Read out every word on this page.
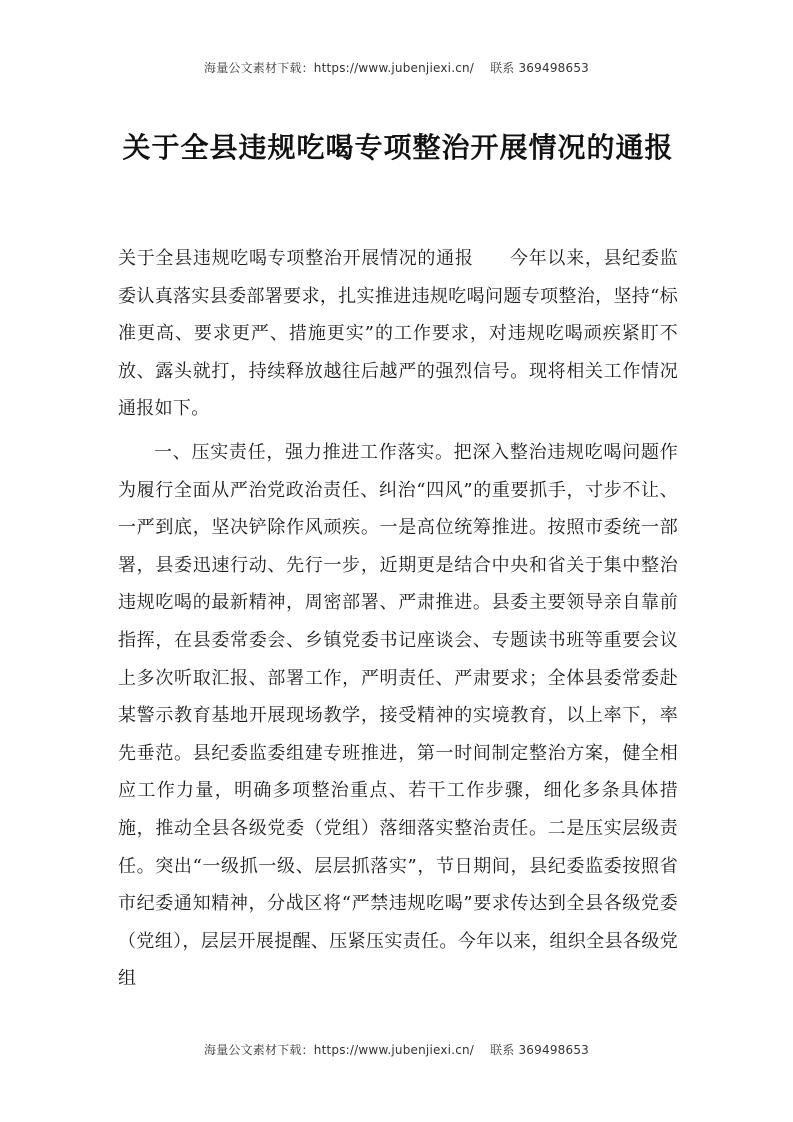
海量公文素材下载：https://www.jubenjiexi.cn/ 联系 369498653
关于全县违规吃喝专项整治开展情况的通报

关于全县违规吃喝专项整治开展情况的通报 今年以来，县纪委监委认真落实县委部署要求，扎实推进违规吃喝问题专项整治，坚持“标准更高、要求更严、措施更实”的工作要求，对违规吃喝顽疾紧盯不放、露头就打，持续释放越往后越严的强烈信号。现将相关工作情况通报如下。

一、压实责任，强力推进工作落实。把深入整治违规吃喝问题作为履行全面从严治党政治责任、纠治“四风”的重要抓手，寸步不让、一严到底，坚决铲除作风顽疾。一是高位统筹推进。按照市委统一部署，县委迅速行动、先行一步，近期更是结合中央和省关于集中整治违规吃喝的最新精神，周密部署、严肃推进。县委主要领导亲自靠前指挥，在县委常委会、乡镇党委书记座谈会、专题读书班等重要会议上多次听取汇报、部署工作，严明责任、严肃要求；全体县委常委赴某警示教育基地开展现场教学，接受精神的实境教育，以上率下，率先垂范。县纪委监委组建专班推进，第一时间制定整治方案，健全相应工作力量，明确多项整治重点、若干工作步骤，细化多条具体措施，推动全县各级党委（党组）落细落实整治责任。二是压实层级责任。突出“一级抓一级、层层抓落实”，节日期间，县纪委监委按照省市纪委通知精神，分战区将“严禁违规吃喝”要求传达到全县各级党委（党组），层层开展提醒、压紧压实责任。今年以来，组织全县各级党组

海量公文素材下载：https://www.jubenjiexi.cn/ 联系 369498653
